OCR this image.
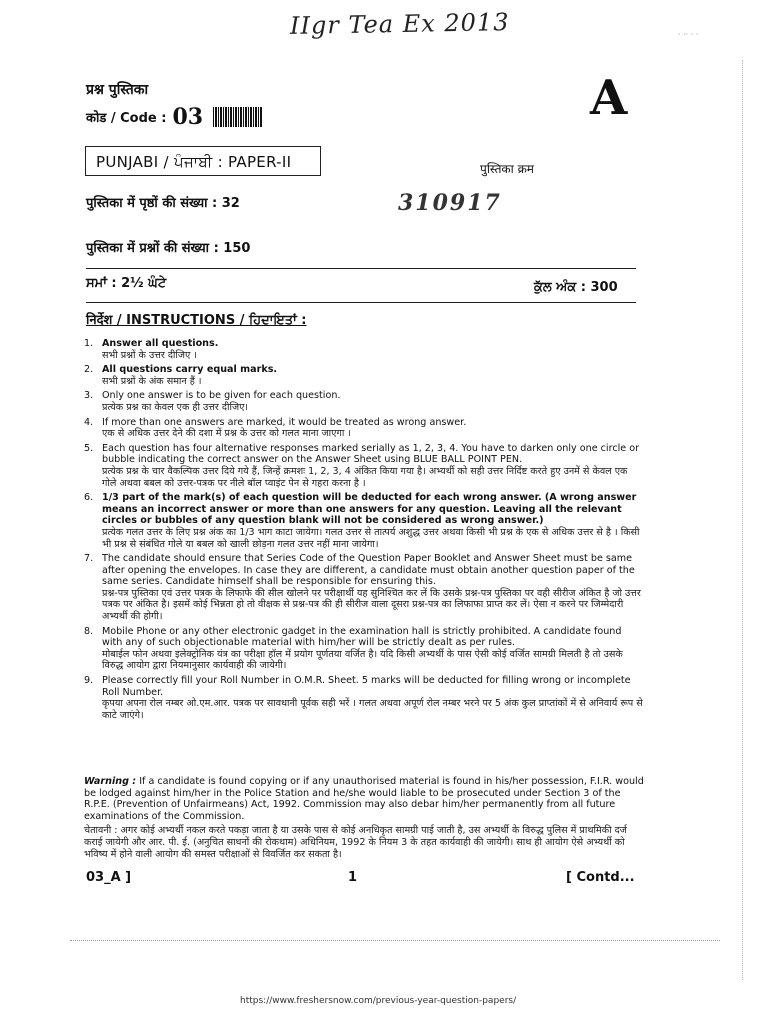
IIgr Tea Ex 2013	· ·· · ·
प्रश्न पुस्तिका
कोड / Code : 03	A
PUNJABI / ਪੰਜਾਬੀ : PAPER-II	पुस्तिका क्रम
310917
पुस्तिका में पृष्ठों की संख्या : 32
पुस्तिका में प्रश्नों की संख्या : 150
ਸਮਾਂ : 2½ ਘੰਟੇ	ਕੁੱਲ ਅੰਕ : 300
निर्देश / INSTRUCTIONS / ਹਿਦਾਇਤਾਂ :
1. Answer all questions.
सभी प्रश्नों के उत्तर दीजिए ।
2. All questions carry equal marks.
सभी प्रश्नों के अंक समान हैं ।
3. Only one answer is to be given for each question.
प्रत्येक प्रश्न का केवल एक ही उत्तर दीजिए।
4. If more than one answers are marked, it would be treated as wrong answer.
एक से अधिक उत्तर देने की दशा में प्रश्न के उत्तर को गलत माना जाएगा ।
5. Each question has four alternative responses marked serially as 1, 2, 3, 4. You have to darken only one circle or bubble indicating the correct answer on the Answer Sheet using BLUE BALL POINT PEN.
प्रत्येक प्रश्न के चार वैकल्पिक उत्तर दिये गये हैं, जिन्हें क्रमशः 1, 2, 3, 4 अंकित किया गया है। अभ्यर्थी को सही उत्तर निर्दिष्ट करते हुए उनमें से केवल एक गोले अथवा बबल को उत्तर-पत्रक पर नीले बॉल प्वाइंट पेन से गहरा करना है ।
6. 1/3 part of the mark(s) of each question will be deducted for each wrong answer. (A wrong answer means an incorrect answer or more than one answers for any question. Leaving all the relevant circles or bubbles of any question blank will not be considered as wrong answer.)
प्रत्येक गलत उत्तर के लिए प्रश्न अंक का 1/3 भाग काटा जायेगा। गलत उत्तर से तात्पर्य अशुद्ध उत्तर अथवा किसी भी प्रश्न के एक से अधिक उत्तर से है । किसी भी प्रश्न से संबंधित गोले या बबल को खाली छोड़ना गलत उत्तर नहीं माना जायेगा।
7. The candidate should ensure that Series Code of the Question Paper Booklet and Answer Sheet must be same after opening the envelopes. In case they are different, a candidate must obtain another question paper of the same series. Candidate himself shall be responsible for ensuring this.
प्रश्न-पत्र पुस्तिका एवं उत्तर पत्रक के लिफाफे की सील खोलने पर परीक्षार्थी यह सुनिश्चित कर लें कि उसके प्रश्न-पत्र पुस्तिका पर वही सीरीज अंकित है जो उत्तर पत्रक पर अंकित है। इसमें कोई भिन्नता हो तो वीक्षक से प्रश्न-पत्र की ही सीरीज वाला दूसरा प्रश्न-पत्र का लिफाफा प्राप्त कर लें। ऐसा न करने पर जिम्मेदारी अभ्यर्थी की होगी।
8. Mobile Phone or any other electronic gadget in the examination hall is strictly prohibited. A candidate found with any of such objectionable material with him/her will be strictly dealt as per rules.
मोबाईल फोन अथवा इलेक्ट्रोनिक यंत्र का परीक्षा हॉल में प्रयोग पूर्णतया वर्जित है। यदि किसी अभ्यर्थी के पास ऐसी कोई वर्जित सामग्री मिलती है तो उसके विरुद्ध आयोग द्वारा नियमानुसार कार्यवाही की जायेगी।
9. Please correctly fill your Roll Number in O.M.R. Sheet. 5 marks will be deducted for filling wrong or incomplete Roll Number.
कृपया अपना रोल नम्बर ओ.एम.आर. पत्रक पर सावधानी पूर्वक सही भरें । गलत अथवा अपूर्ण रोल नम्बर भरने पर 5 अंक कुल प्राप्तांकों में से अनिवार्य रूप से काटे जाएंगे।
Warning : If a candidate is found copying or if any unauthorised material is found in his/her possession, F.I.R. would be lodged against him/her in the Police Station and he/she would liable to be prosecuted under Section 3 of the R.P.E. (Prevention of Unfairmeans) Act, 1992. Commission may also debar him/her permanently from all future examinations of the Commission.
चेतावनी : अगर कोई अभ्यर्थी नकल करते पकड़ा जाता है या उसके पास से कोई अनधिकृत सामग्री पाई जाती है, उस अभ्यर्थी के विरुद्ध पुलिस में प्राथमिकी दर्ज कराई जायेगी और आर. पी. ई. (अनुचित साधनों की रोकथाम) अधिनियम, 1992 के नियम 3 के तहत कार्यवाही की जायेगी। साथ ही आयोग ऐसे अभ्यर्थी को भविष्य में होने वाली आयोग की समस्त परीक्षाओं से विवर्जित कर सकता है।
03_A ]	1	[ Contd...
https://www.freshersnow.com/previous-year-question-papers/
